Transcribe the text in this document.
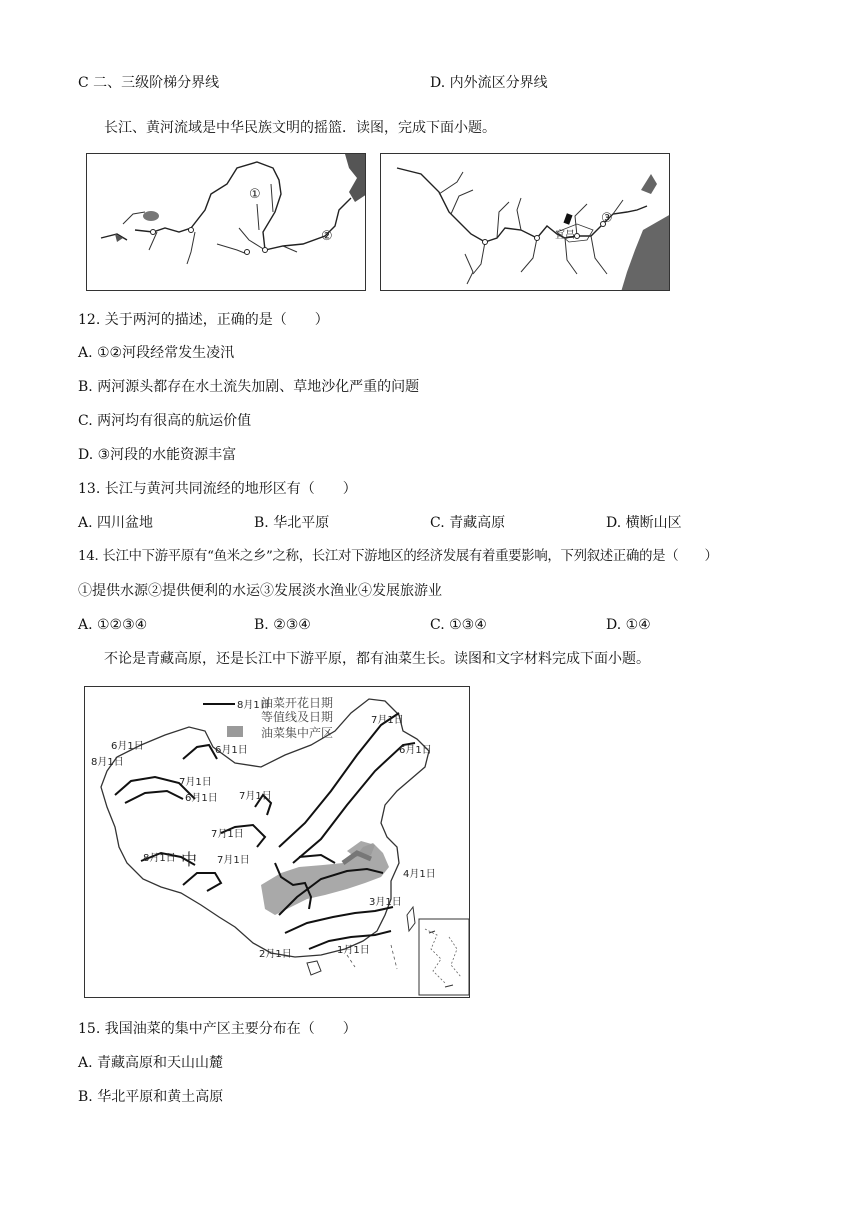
C 二、三级阶梯分界线	D. 内外流区分界线
长江、黄河流域是中华民族文明的摇篮．读图，完成下面小题。
①
②	宜昌
③
12. 关于两河的描述，正确的是（　　）
A. ①②河段经常发生凌汛
B. 两河源头都存在水土流失加剧、草地沙化严重的问题
C. 两河均有很高的航运价值
D. ③河段的水能资源丰富
13. 长江与黄河共同流经的地形区有（　　）
A. 四川盆地	B. 华北平原	C. 青藏高原	D. 横断山区
14. 长江中下游平原有“鱼米之乡”之称，长江对下游地区的经济发展有着重要影响，下列叙述正确的是（　　）
①提供水源②提供便利的水运③发展淡水渔业④发展旅游业
A. ①②③④	B. ②③④	C. ①③④	D. ①④
不论是青藏高原，还是长江中下游平原，都有油菜生长。读图和文字材料完成下面小题。
8月1日
油菜开花日期
等值线及日期
油菜集中产区
7月1日
6月1日	6月1日
8月1日
7月1日
6月1日
6月1日 7月1日
8月1日 中
7月1日
7月1日
4月1日
3月1日
1月1日
2月1日
15. 我国油菜的集中产区主要分布在（　　）
A. 青藏高原和天山山麓
B. 华北平原和黄土高原
